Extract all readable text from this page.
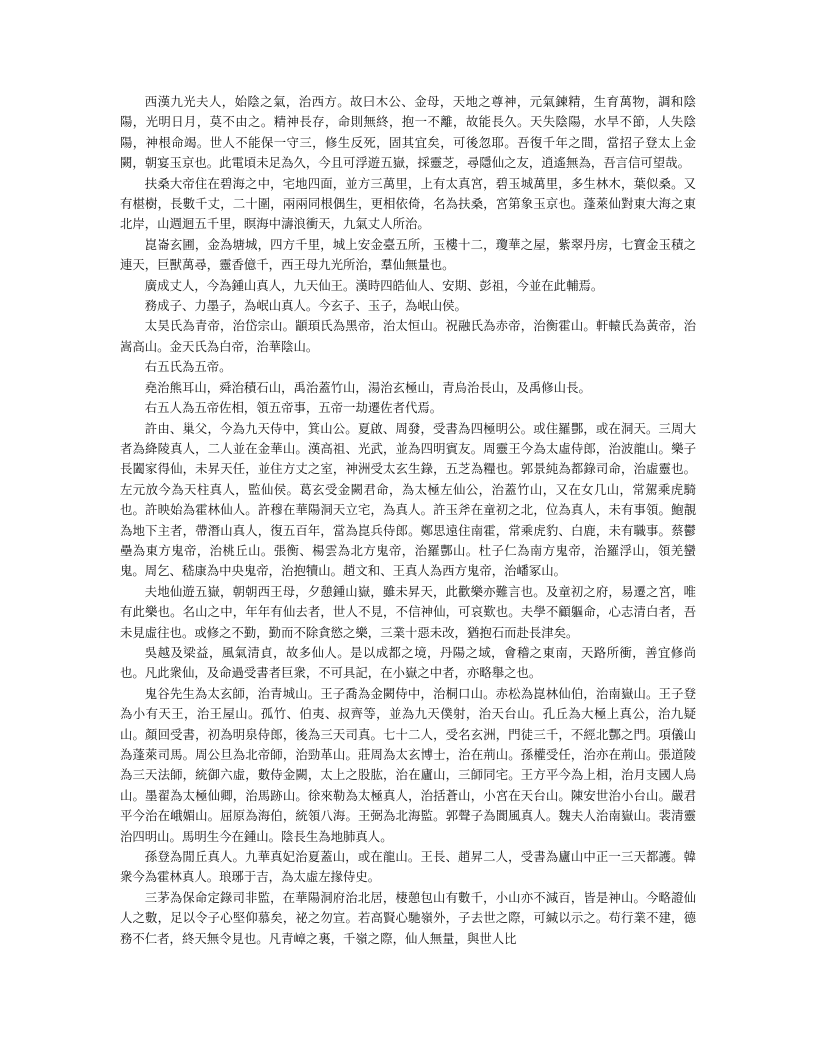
西漢九光夫人，始陰之氣，治西方。故曰木公、金母，天地之尊神，元氣鍊精，生育萬物，調和陰陽，光明日月，莫不由之。精神長存，命則無終，抱一不離，故能長久。天失陰陽，水旱不節，人失陰陽，神根命竭。世人不能保一守三，修生反死，固其宜矣，可後忽耶。吾復千年之間，當招子登太上金闕，朝宴玉京也。此電頃未足為久，今且可浮遊五嶽，採靈芝，尋隱仙之友，逍遙無為，吾言信可望哉。

扶桑大帝住在碧海之中，宅地四面，並方三萬里，上有太真宮，碧玉城萬里，多生林木，葉似桑。又有椹樹，長數千丈，二十圍，兩兩同根偶生，更相依倚，名為扶桑，宮第象玉京也。蓬萊仙對東大海之東北岸，山週迴五千里，瞑海中濤浪衝天，九氣丈人所治。

崑崙玄圃，金為塘城，四方千里，城上安金臺五所，玉樓十二，瓊華之屋，紫翠丹房，七寶金玉積之連天，巨獸萬尋，靈香億千，西王母九光所治，羣仙無量也。

廣成丈人，今為鍾山真人，九天仙王。漢時四皓仙人、安期、彭祖，今並在此輔焉。

務成子、力墨子，為岷山真人。今玄子、玉子，為岷山侯。

太昊氏為青帝，治岱宗山。顓頊氏為黑帝，治太恒山。祝融氏為赤帝，治衡霍山。軒轅氏為黃帝，治嵩高山。金天氏為白帝，治華陰山。

右五氏為五帝。

堯治熊耳山，舜治積石山，禹治蓋竹山，湯治玄極山，青烏治長山，及禹修山長。

右五人為五帝佐相，領五帝事，五帝一劫遷佐者代焉。

許由、巢父，今為九天侍中，箕山公。夏啟、周發，受書為四極明公。或住羅酆，或在洞天。三周大者為絳陵真人，二人並在金華山。漢高祖、光武，並為四明賓友。周靈王今為太虛侍郎，治波龍山。樂子長闔家得仙，未昇天任，並住方丈之室，神洲受太玄生錄，五芝為糧也。郭景純為都錄司命，治虛靈也。左元放今為天柱真人，監仙侯。葛玄受金闕君命，為太極左仙公，治蓋竹山，又在女几山，常駕乘虎騎也。許映始為霍林仙人。許穆在華陽洞天立宅，為真人。許玉斧在童初之北，位為真人，未有事領。鮑靚為地下主者，帶潛山真人，復五百年，當為崑兵侍郎。鄭思遠住南霍，常乘虎豹、白鹿，未有職事。蔡鬱壘為東方鬼帝，治桃丘山。張衡、楊雲為北方鬼帝，治羅酆山。杜子仁為南方鬼帝，治羅浮山，領羌蠻鬼。周乞、嵇康為中央鬼帝，治抱犢山。趙文和、王真人為西方鬼帝，治嶓冢山。

夫地仙遊五嶽，朝朝西王母，夕憩鍾山嶽，雖未昇天，此歡樂亦難言也。及童初之府，易遷之宮，唯有此樂也。名山之中，年年有仙去者，世人不見，不信神仙，可哀歎也。夫學不顧軀命，心志清白者，吾未見虛往也。或修之不勤，勤而不除貪慾之樂，三業十惡未改，猶抱石而赴長津矣。

吳越及梁益，風氣清貞，故多仙人。是以成都之境，丹陽之域，會稽之東南，天路所衝，善宜修尚也。凡此衆仙，及命過受書者巨衆，不可具記，在小嶽之中者，亦略舉之也。

鬼谷先生為太玄師，治青城山。王子喬為金闕侍中，治桐口山。赤松為崑林仙伯，治南嶽山。王子登為小有天王，治王屋山。孤竹、伯夷、叔齊等，並為九天僕射，治天台山。孔丘為大極上真公，治九疑山。顏回受書，初為明泉侍郎，後為三天司真。七十二人，受名玄洲，門徒三千，不經北酆之門。項儀山為蓬萊司馬。周公旦為北帝師，治勁革山。莊周為太玄博士，治在荊山。孫權受任，治亦在荊山。張道陵為三天法師，統御六虛，數侍金闕，太上之股肱，治在廬山，三師同宅。王方平今為上相，治月支國人烏山。墨翟為太極仙卿，治馬跡山。徐來勒為太極真人，治括蒼山，小宮在天台山。陳安世治小台山。嚴君平今治在峨媚山。屈原為海伯，統領八海。王弼為北海監。郭聲子為閬風真人。魏夫人治南嶽山。裴清靈治四明山。馬明生今在鍾山。陰長生為地肺真人。

孫登為閒丘真人。九華真妃治夏蓋山，或在龍山。王長、趙昇二人，受書為廬山中正一三天都護。韓衆今為霍林真人。琅琊于吉，為太虛左掾侍史。

三茅為保命定錄司非監，在華陽洞府治北居，棲憩包山有數千，小山亦不減百，皆是神山。今略證仙人之數，足以令子心堅仰慕矣，祕之勿宣。若高賢心馳嶺外，子去世之際，可緘以示之。苟行業不建，德務不仁者，終天無令見也。凡青嶂之裏，千嶺之際，仙人無量，與世人比
